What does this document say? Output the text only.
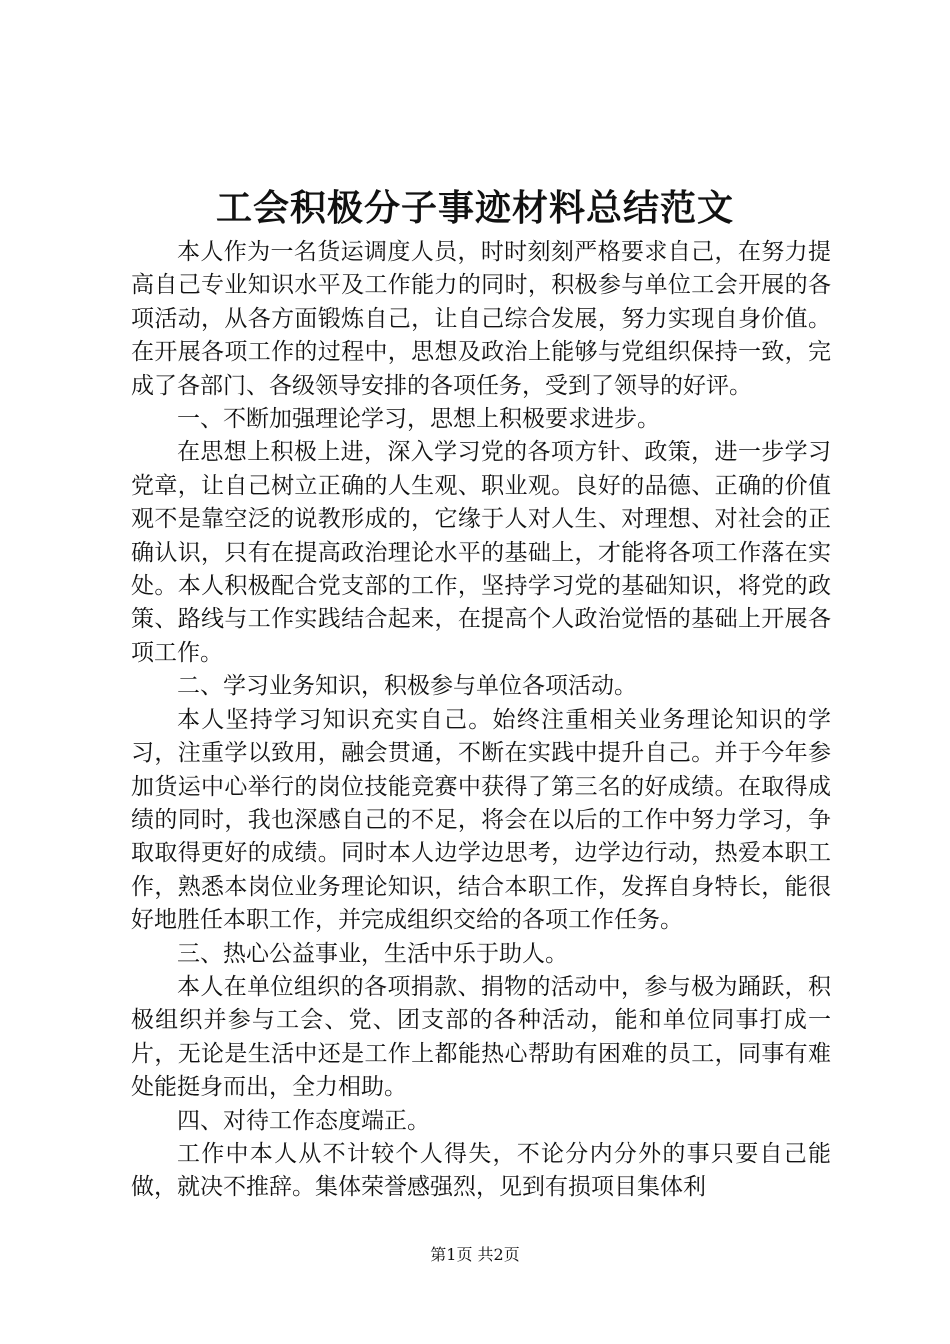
工会积极分子事迹材料总结范文

本人作为一名货运调度人员，时时刻刻严格要求自己，在努力提高自己专业知识水平及工作能力的同时，积极参与单位工会开展的各项活动，从各方面锻炼自己，让自己综合发展，努力实现自身价值。在开展各项工作的过程中，思想及政治上能够与党组织保持一致，完成了各部门、各级领导安排的各项任务，受到了领导的好评。

一、不断加强理论学习，思想上积极要求进步。

在思想上积极上进，深入学习党的各项方针、政策，进一步学习党章，让自己树立正确的人生观、职业观。良好的品德、正确的价值观不是靠空泛的说教形成的，它缘于人对人生、对理想、对社会的正确认识，只有在提高政治理论水平的基础上，才能将各项工作落在实处。本人积极配合党支部的工作，坚持学习党的基础知识，将党的政策、路线与工作实践结合起来，在提高个人政治觉悟的基础上开展各项工作。

二、学习业务知识，积极参与单位各项活动。

本人坚持学习知识充实自己。始终注重相关业务理论知识的学习，注重学以致用，融会贯通，不断在实践中提升自己。并于今年参加货运中心举行的岗位技能竞赛中获得了第三名的好成绩。在取得成绩的同时，我也深感自己的不足，将会在以后的工作中努力学习，争取取得更好的成绩。同时本人边学边思考，边学边行动，热爱本职工作，熟悉本岗位业务理论知识，结合本职工作，发挥自身特长，能很好地胜任本职工作，并完成组织交给的各项工作任务。

三、热心公益事业，生活中乐于助人。

本人在单位组织的各项捐款、捐物的活动中，参与极为踊跃，积极组织并参与工会、党、团支部的各种活动，能和单位同事打成一片，无论是生活中还是工作上都能热心帮助有困难的员工，同事有难处能挺身而出，全力相助。

四、对待工作态度端正。

工作中本人从不计较个人得失，不论分内分外的事只要自己能做，就决不推辞。集体荣誉感强烈，见到有损项目集体利

第1页 共2页
